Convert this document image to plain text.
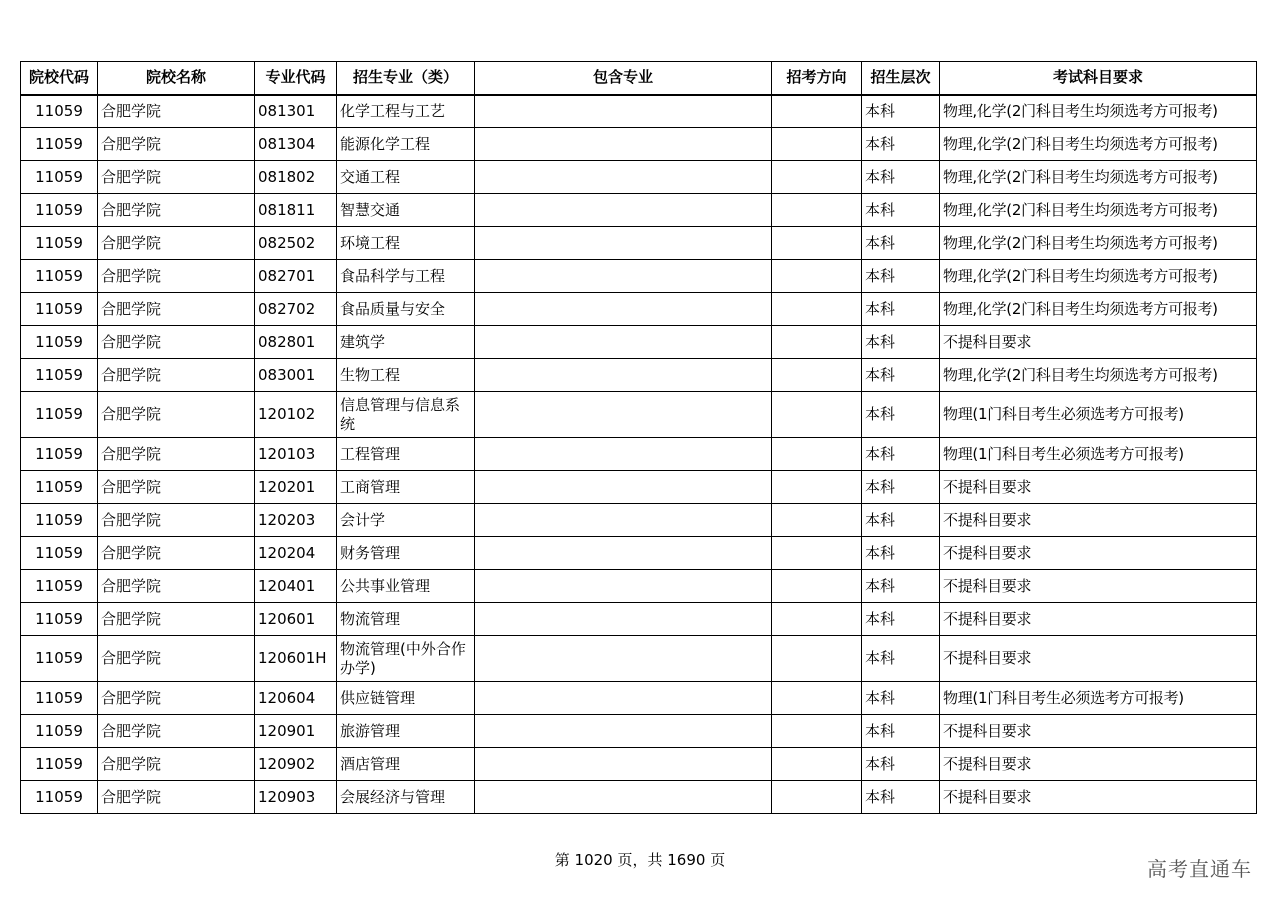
院校代码	院校名称	专业代码	招生专业（类）	包含专业	招考方向	招生层次	考试科目要求
11059	合肥学院	081301	化学工程与工艺			本科	物理,化学(2门科目考生均须选考方可报考)
11059	合肥学院	081304	能源化学工程			本科	物理,化学(2门科目考生均须选考方可报考)
11059	合肥学院	081802	交通工程			本科	物理,化学(2门科目考生均须选考方可报考)
11059	合肥学院	081811	智慧交通			本科	物理,化学(2门科目考生均须选考方可报考)
11059	合肥学院	082502	环境工程			本科	物理,化学(2门科目考生均须选考方可报考)
11059	合肥学院	082701	食品科学与工程			本科	物理,化学(2门科目考生均须选考方可报考)
11059	合肥学院	082702	食品质量与安全			本科	物理,化学(2门科目考生均须选考方可报考)
11059	合肥学院	082801	建筑学			本科	不提科目要求
11059	合肥学院	083001	生物工程			本科	物理,化学(2门科目考生均须选考方可报考)
11059	合肥学院	120102	信息管理与信息系统			本科	物理(1门科目考生必须选考方可报考)
11059	合肥学院	120103	工程管理			本科	物理(1门科目考生必须选考方可报考)
11059	合肥学院	120201	工商管理			本科	不提科目要求
11059	合肥学院	120203	会计学			本科	不提科目要求
11059	合肥学院	120204	财务管理			本科	不提科目要求
11059	合肥学院	120401	公共事业管理			本科	不提科目要求
11059	合肥学院	120601	物流管理			本科	不提科目要求
11059	合肥学院	120601H	物流管理(中外合作办学)			本科	不提科目要求
11059	合肥学院	120604	供应链管理			本科	物理(1门科目考生必须选考方可报考)
11059	合肥学院	120901	旅游管理			本科	不提科目要求
11059	合肥学院	120902	酒店管理			本科	不提科目要求
11059	合肥学院	120903	会展经济与管理			本科	不提科目要求
第 1020 页，共 1690 页	高考直通车
